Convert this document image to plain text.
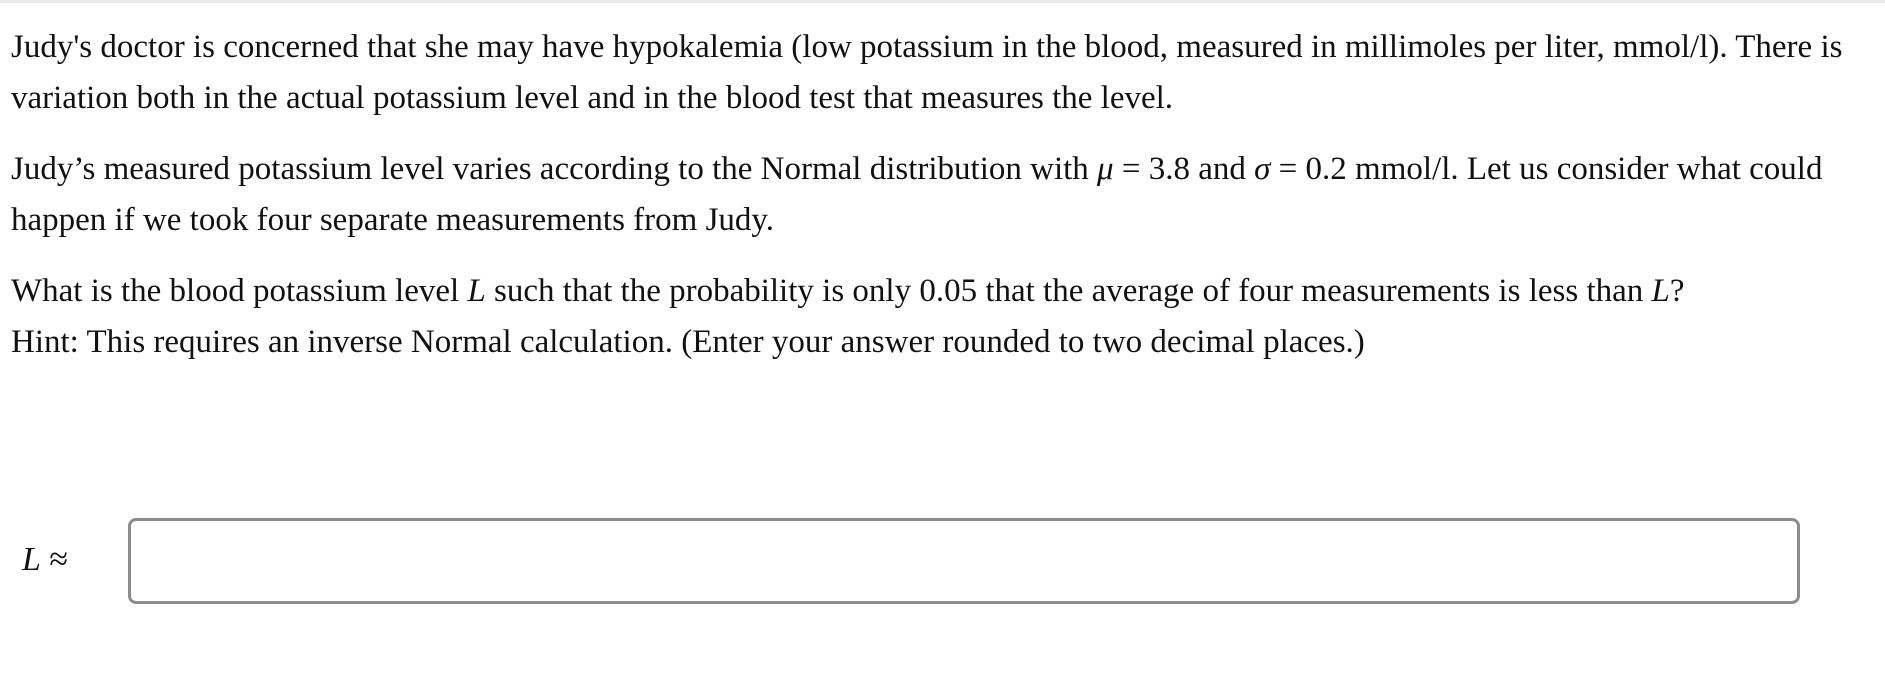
Judy's doctor is concerned that she may have hypokalemia (low potassium in the blood, measured in millimoles per liter, mmol/l). There is variation both in the actual potassium level and in the blood test that measures the level.

Judy’s measured potassium level varies according to the Normal distribution with μ = 3.8 and σ = 0.2 mmol/l. Let us consider what could happen if we took four separate measurements from Judy.

What is the blood potassium level L such that the probability is only 0.05 that the average of four measurements is less than L?
Hint: This requires an inverse Normal calculation. (Enter your answer rounded to two decimal places.)

L ≈
